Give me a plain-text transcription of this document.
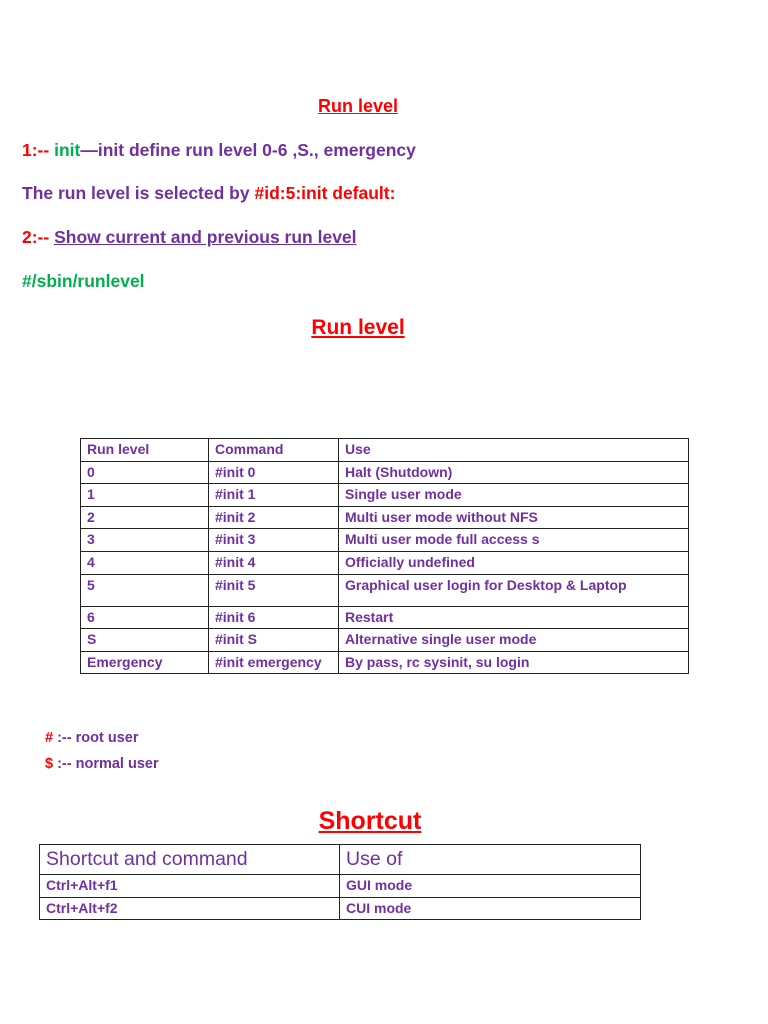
Run level
1:-- init—init define run level 0-6 ,S., emergency
The run level is selected by #id:5:init default:
2:-- Show current and previous run level
#/sbin/runlevel
Run level
Run level	Command	Use
0	#init 0	Halt (Shutdown)
1	#init 1	Single user mode
2	#init 2	Multi user mode without NFS
3	#init 3	Multi user mode full access s
4	#init 4	Officially undefined
5	#init 5	Graphical user login for Desktop & Laptop
6	#init 6	Restart
S	#init S	Alternative single user mode
Emergency	#init emergency	By pass, rc sysinit, su login
# :-- root user
$ :-- normal user
Shortcut
Shortcut and command	Use of
Ctrl+Alt+f1	GUI mode
Ctrl+Alt+f2	CUI mode
